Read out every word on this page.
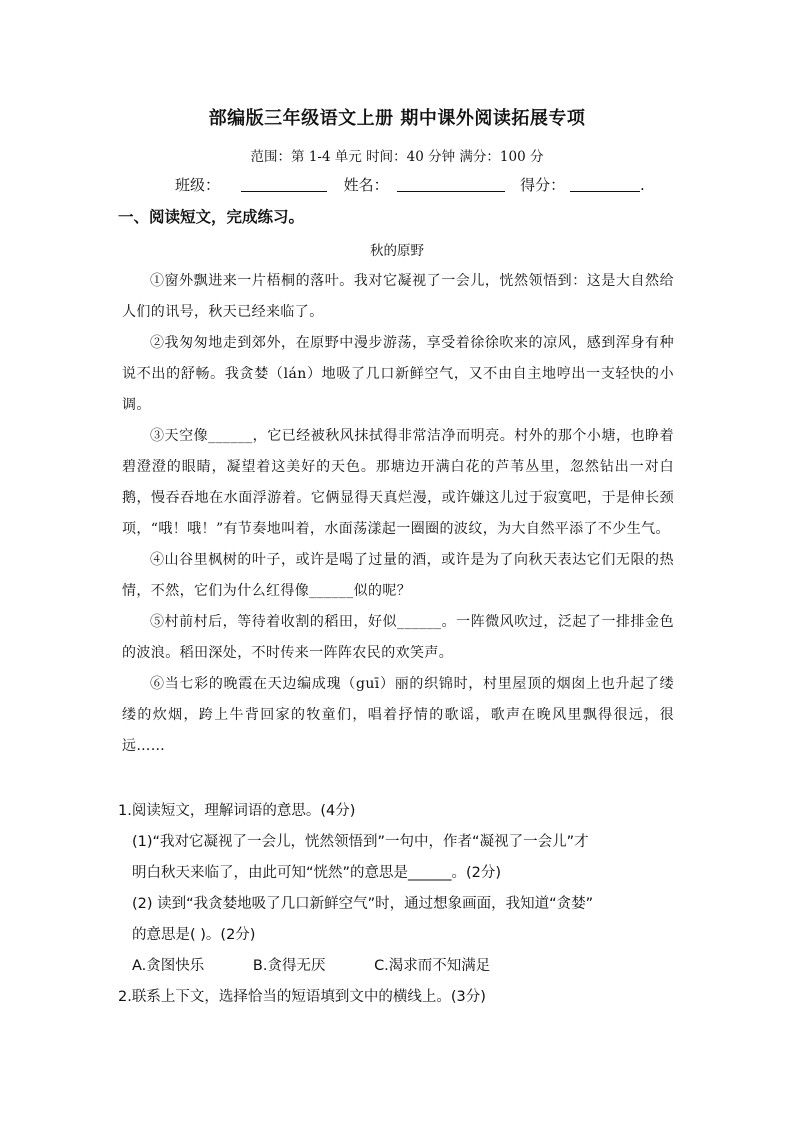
部编版三年级语文上册 期中课外阅读拓展专项
范围：第 1-4 单元 时间：40 分钟 满分：100 分
班级：	姓名：	得分：	.
一、阅读短文，完成练习。
秋的原野

①窗外飘进来一片梧桐的落叶。我对它凝视了一会儿，恍然领悟到：这是大自然给人们的讯号，秋天已经来临了。

②我匆匆地走到郊外，在原野中漫步游荡，享受着徐徐吹来的凉风，感到浑身有种说不出的舒畅。我贪婪（lán）地吸了几口新鲜空气，又不由自主地哼出一支轻快的小调。

③天空像______，它已经被秋风抹拭得非常洁净而明亮。村外的那个小塘，也睁着碧澄澄的眼睛，凝望着这美好的天色。那塘边开满白花的芦苇丛里，忽然钻出一对白鹅，慢吞吞地在水面浮游着。它俩显得天真烂漫，或许嫌这儿过于寂寞吧，于是伸长颈项，“哦！哦！”有节奏地叫着，水面荡漾起一圈圈的波纹，为大自然平添了不少生气。

④山谷里枫树的叶子，或许是喝了过量的酒，或许是为了向秋天表达它们无限的热情，不然，它们为什么红得像______似的呢？

⑤村前村后，等待着收割的稻田，好似______。一阵微风吹过，泛起了一排排金色的波浪。稻田深处，不时传来一阵阵农民的欢笑声。

⑥当七彩的晚霞在天边编成瑰（guī）丽的织锦时，村里屋顶的烟囱上也升起了缕缕的炊烟，跨上牛背回家的牧童们，唱着抒情的歌谣，歌声在晚风里飘得很远，很远……

1.阅读短文，理解词语的意思。(4分)

(1)“我对它凝视了一会儿，恍然领悟到”一句中，作者“凝视了一会儿”才

明白秋天来临了，由此可知“恍然”的意思是______。(2分)

(2) 读到“我贪婪地吸了几口新鲜空气”时，通过想象画面，我知道“贪婪”

的意思是( )。(2分)

A.贪图快乐	B.贪得无厌	C.渴求而不知满足

2.联系上下文，选择恰当的短语填到文中的横线上。(3分)
